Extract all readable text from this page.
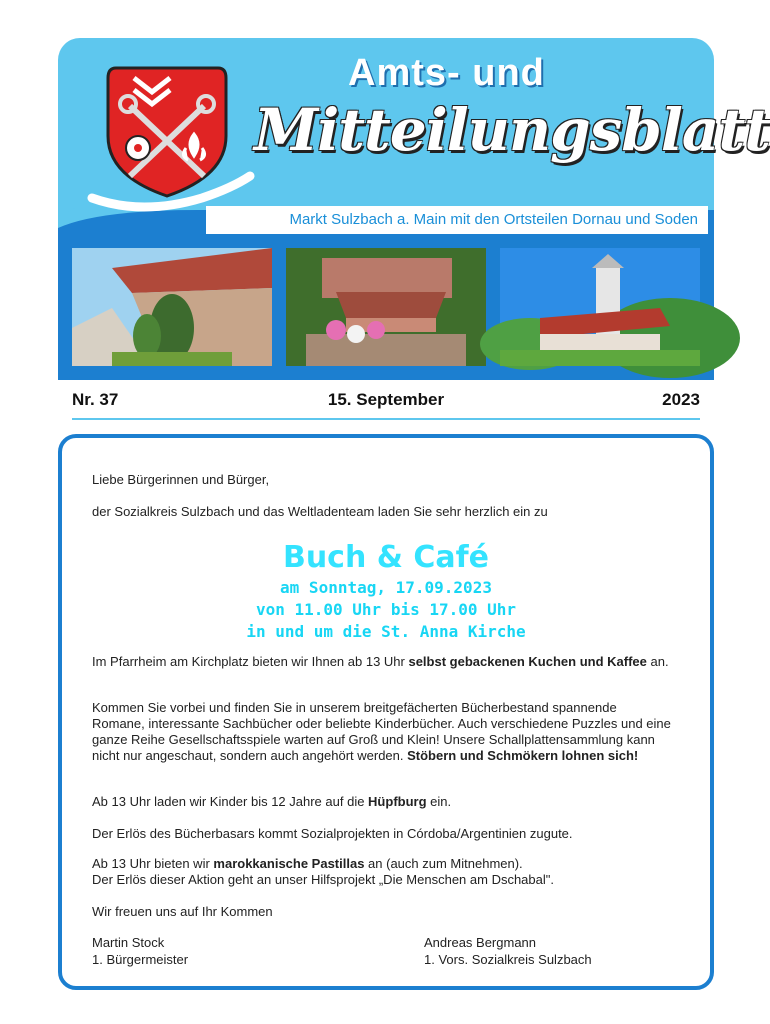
Markt Sulzbach a. Main mit den Ortsteilen Dornau und Soden
Amts- und
Mitteilungsblatt
15. September
Nr. 37	2023
Liebe Bürgerinnen und Bürger,
der Sozialkreis Sulzbach und das Weltladenteam laden Sie sehr herzlich ein zu
Buch & Café
am Sonntag, 17.09.2023
von 11.00 Uhr bis 17.00 Uhr
in und um die St. Anna Kirche
Im Pfarrheim am Kirchplatz bieten wir Ihnen ab 13 Uhr selbst gebackenen Kuchen und Kaffee an.
Kommen Sie vorbei und finden Sie in unserem breitgefächerten Bücherbestand spannende Romane, interessante Sachbücher oder beliebte Kinderbücher. Auch verschiedene Puzzles und eine ganze Reihe Gesellschaftsspiele warten auf Groß und Klein! Unsere Schallplattensammlung kann nicht nur angeschaut, sondern auch angehört werden. Stöbern und Schmökern lohnen sich!
Ab 13 Uhr laden wir Kinder bis 12 Jahre auf die Hüpfburg ein.
Der Erlös des Bücherbasars kommt Sozialprojekten in Córdoba/Argentinien zugute.
Ab 13 Uhr bieten wir marokkanische Pastillas an (auch zum Mitnehmen).
Der Erlös dieser Aktion geht an unser Hilfsprojekt „Die Menschen am Dschabal".
Wir freuen uns auf Ihr Kommen
Martin Stock
1. Bürgermeister
Andreas Bergmann
1. Vors. Sozialkreis Sulzbach
